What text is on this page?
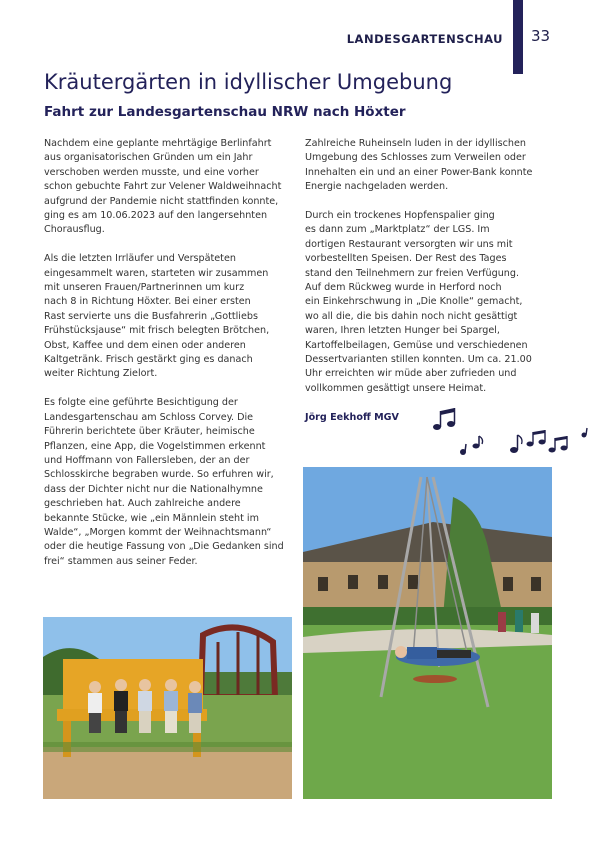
LANDESGARTENSCHAU 33
Kräutergärten in idyllischer Umgebung
Fahrt zur Landesgartenschau NRW nach Höxter

Nachdem eine geplante mehrtägige Berlinfahrt
aus organisatorischen Gründen um ein Jahr
verschoben werden musste, und eine vorher
schon gebuchte Fahrt zur Velener Waldweihnacht
aufgrund der Pandemie nicht stattfinden konnte,
ging es am 10.06.2023 auf den langersehnten
Chorausflug.

Als die letzten Irrläufer und Verspäteten
eingesammelt waren, starteten wir zusammen
mit unseren Frauen/Partnerinnen um kurz
nach 8 in Richtung Höxter. Bei einer ersten
Rast servierte uns die Busfahrerin „Gottliebs
Frühstücksjause“ mit frisch belegten Brötchen,
Obst, Kaffee und dem einen oder anderen
Kaltgetränk. Frisch gestärkt ging es danach
weiter Richtung Zielort.

Es folgte eine geführte Besichtigung der
Landesgartenschau am Schloss Corvey. Die
Führerin berichtete über Kräuter, heimische
Pflanzen, eine App, die Vogelstimmen erkennt
und Hoffmann von Fallersleben, der an der
Schlosskirche begraben wurde. So erfuhren wir,
dass der Dichter nicht nur die Nationalhymne
geschrieben hat. Auch zahlreiche andere
bekannte Stücke, wie „ein Männlein steht im
Walde“, „Morgen kommt der Weihnachtsmann“
oder die heutige Fassung von „Die Gedanken sind
frei“ stammen aus seiner Feder.

Zahlreiche Ruheinseln luden in der idyllischen
Umgebung des Schlosses zum Verweilen oder
Innehalten ein und an einer Power-Bank konnte
Energie nachgeladen werden.

Durch ein trockenes Hopfenspalier ging
es dann zum „Marktplatz“ der LGS. Im
dortigen Restaurant versorgten wir uns mit
vorbestellten Speisen. Der Rest des Tages
stand den Teilnehmern zur freien Verfügung.
Auf dem Rückweg wurde in Herford noch
ein Einkehrschwung in „Die Knolle“ gemacht,
wo all die, die bis dahin noch nicht gesättigt
waren, Ihren letzten Hunger bei Spargel,
Kartoffelbeilagen, Gemüse und verschiedenen
Dessertvarianten stillen konnten. Um ca. 21.00
Uhr erreichten wir müde aber zufrieden und
vollkommen gesättigt unsere Heimat.

Jörg Eekhoff MGV
